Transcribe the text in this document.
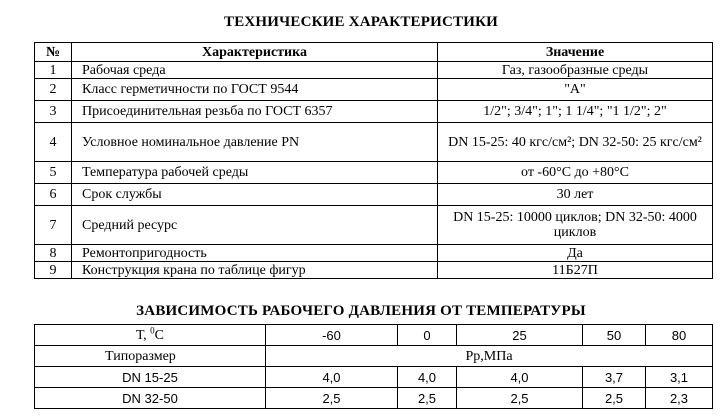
ТЕХНИЧЕСКИЕ ХАРАКТЕРИСТИКИ
№	Характеристика	Значение
1	Рабочая среда	Газ, газообразные среды
2	Класс герметичности по ГОСТ 9544	"А"
3	Присоединительная резьба по ГОСТ 6357	1/2"; 3/4"; 1"; 1 1/4"; "1 1/2"; 2"
4	Условное номинальное давление PN	DN 15-25: 40 кгс/см²; DN 32-50: 25 кгс/см²
5	Температура рабочей среды	от -60°С до +80°С
6	Срок службы	30 лет
7	Средний ресурс	DN 15-25: 10000 циклов; DN 32-50: 4000 циклов
8	Ремонтопригодность	Да
9	Конструкция крана по таблице фигур	11Б27П
ЗАВИСИМОСТЬ РАБОЧЕГО ДАВЛЕНИЯ ОТ ТЕМПЕРАТУРЫ
Т, $^0$С	-60	0	25	50	80
Типоразмер	Рр,МПа				
DN 15-25	4,0	4,0	4,0	3,7	3,1
DN 32-50	2,5	2,5	2,5	2,5	2,3
